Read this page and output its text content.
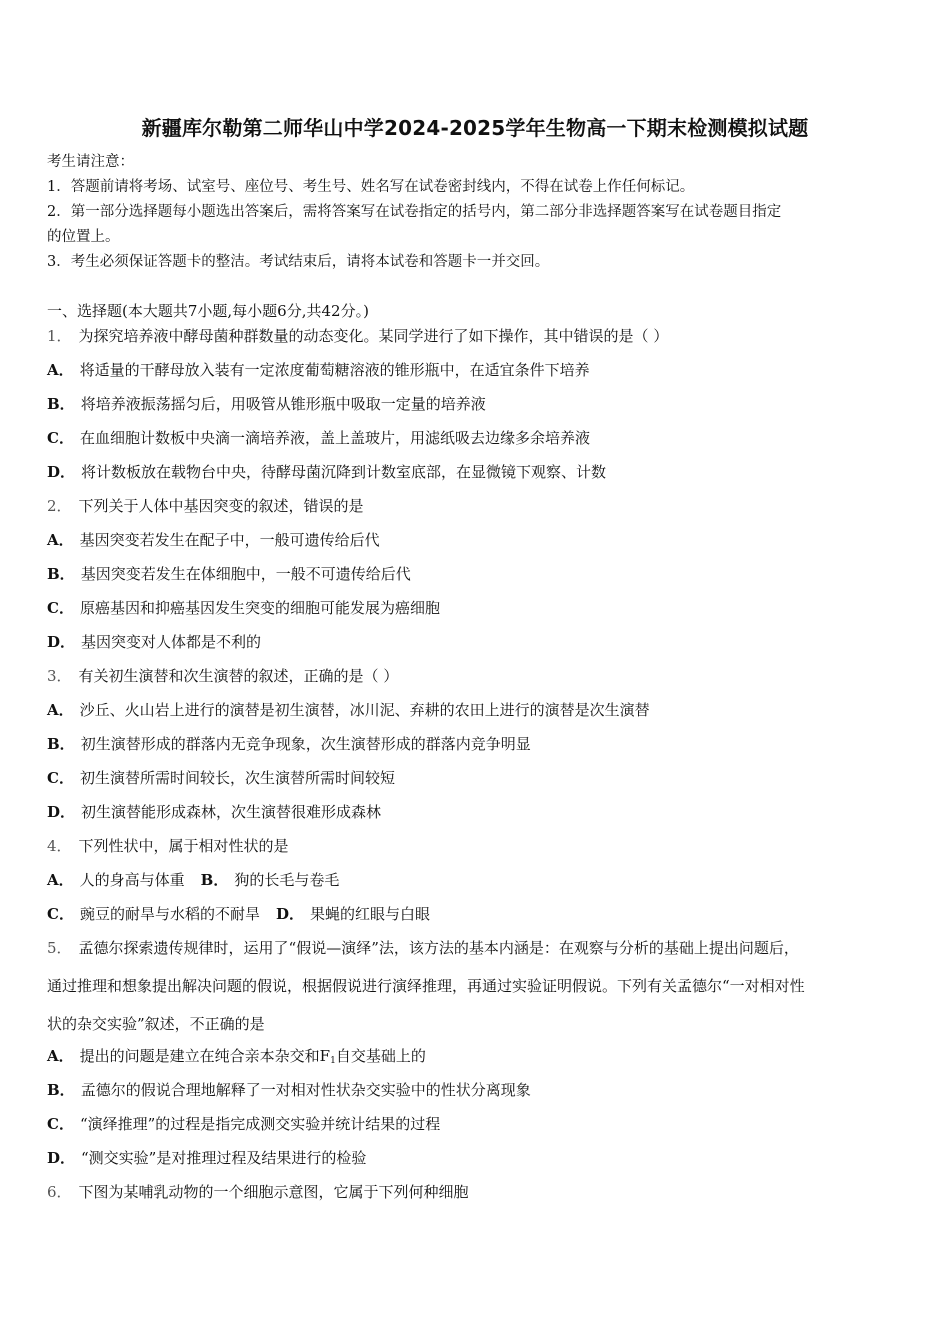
新疆库尔勒第二师华山中学2024-2025学年生物高一下期末检测模拟试题
考生请注意：
1．答题前请将考场、试室号、座位号、考生号、姓名写在试卷密封线内，不得在试卷上作任何标记。
2．第一部分选择题每小题选出答案后，需将答案写在试卷指定的括号内，第二部分非选择题答案写在试卷题目指定
的位置上。
3．考生必须保证答题卡的整洁。考试结束后，请将本试卷和答题卡一并交回。
一、选择题(本大题共7小题,每小题6分,共42分。)
1． 为探究培养液中酵母菌种群数量的动态变化。某同学进行了如下操作，其中错误的是（ ）
A． 将适量的干酵母放入装有一定浓度葡萄糖溶液的锥形瓶中，在适宜条件下培养
B． 将培养液振荡摇匀后，用吸管从锥形瓶中吸取一定量的培养液
C． 在血细胞计数板中央滴一滴培养液，盖上盖玻片，用滤纸吸去边缘多余培养液
D． 将计数板放在载物台中央，待酵母菌沉降到计数室底部，在显微镜下观察、计数
2． 下列关于人体中基因突变的叙述，错误的是
A． 基因突变若发生在配子中，一般可遗传给后代
B． 基因突变若发生在体细胞中，一般不可遗传给后代
C． 原癌基因和抑癌基因发生突变的细胞可能发展为癌细胞
D． 基因突变对人体都是不利的
3． 有关初生演替和次生演替的叙述，正确的是（ ）
A． 沙丘、火山岩上进行的演替是初生演替，冰川泥、弃耕的农田上进行的演替是次生演替
B． 初生演替形成的群落内无竞争现象，次生演替形成的群落内竞争明显
C． 初生演替所需时间较长，次生演替所需时间较短
D． 初生演替能形成森林，次生演替很难形成森林
4． 下列性状中，属于相对性状的是
A． 人的身高与体重 B． 狗的长毛与卷毛
C． 豌豆的耐旱与水稻的不耐旱 D． 果蝇的红眼与白眼
5． 孟德尔探索遗传规律时，运用了“假说—演绎”法，该方法的基本内涵是：在观察与分析的基础上提出问题后，
通过推理和想象提出解决问题的假说，根据假说进行演绎推理，再通过实验证明假说。下列有关孟德尔“一对相对性
状的杂交实验”叙述，不正确的是
A． 提出的问题是建立在纯合亲本杂交和$F_1$自交基础上的
B． 孟德尔的假说合理地解释了一对相对性状杂交实验中的性状分离现象
C． “演绎推理”的过程是指完成测交实验并统计结果的过程
D． “测交实验”是对推理过程及结果进行的检验
6． 下图为某哺乳动物的一个细胞示意图，它属于下列何种细胞
